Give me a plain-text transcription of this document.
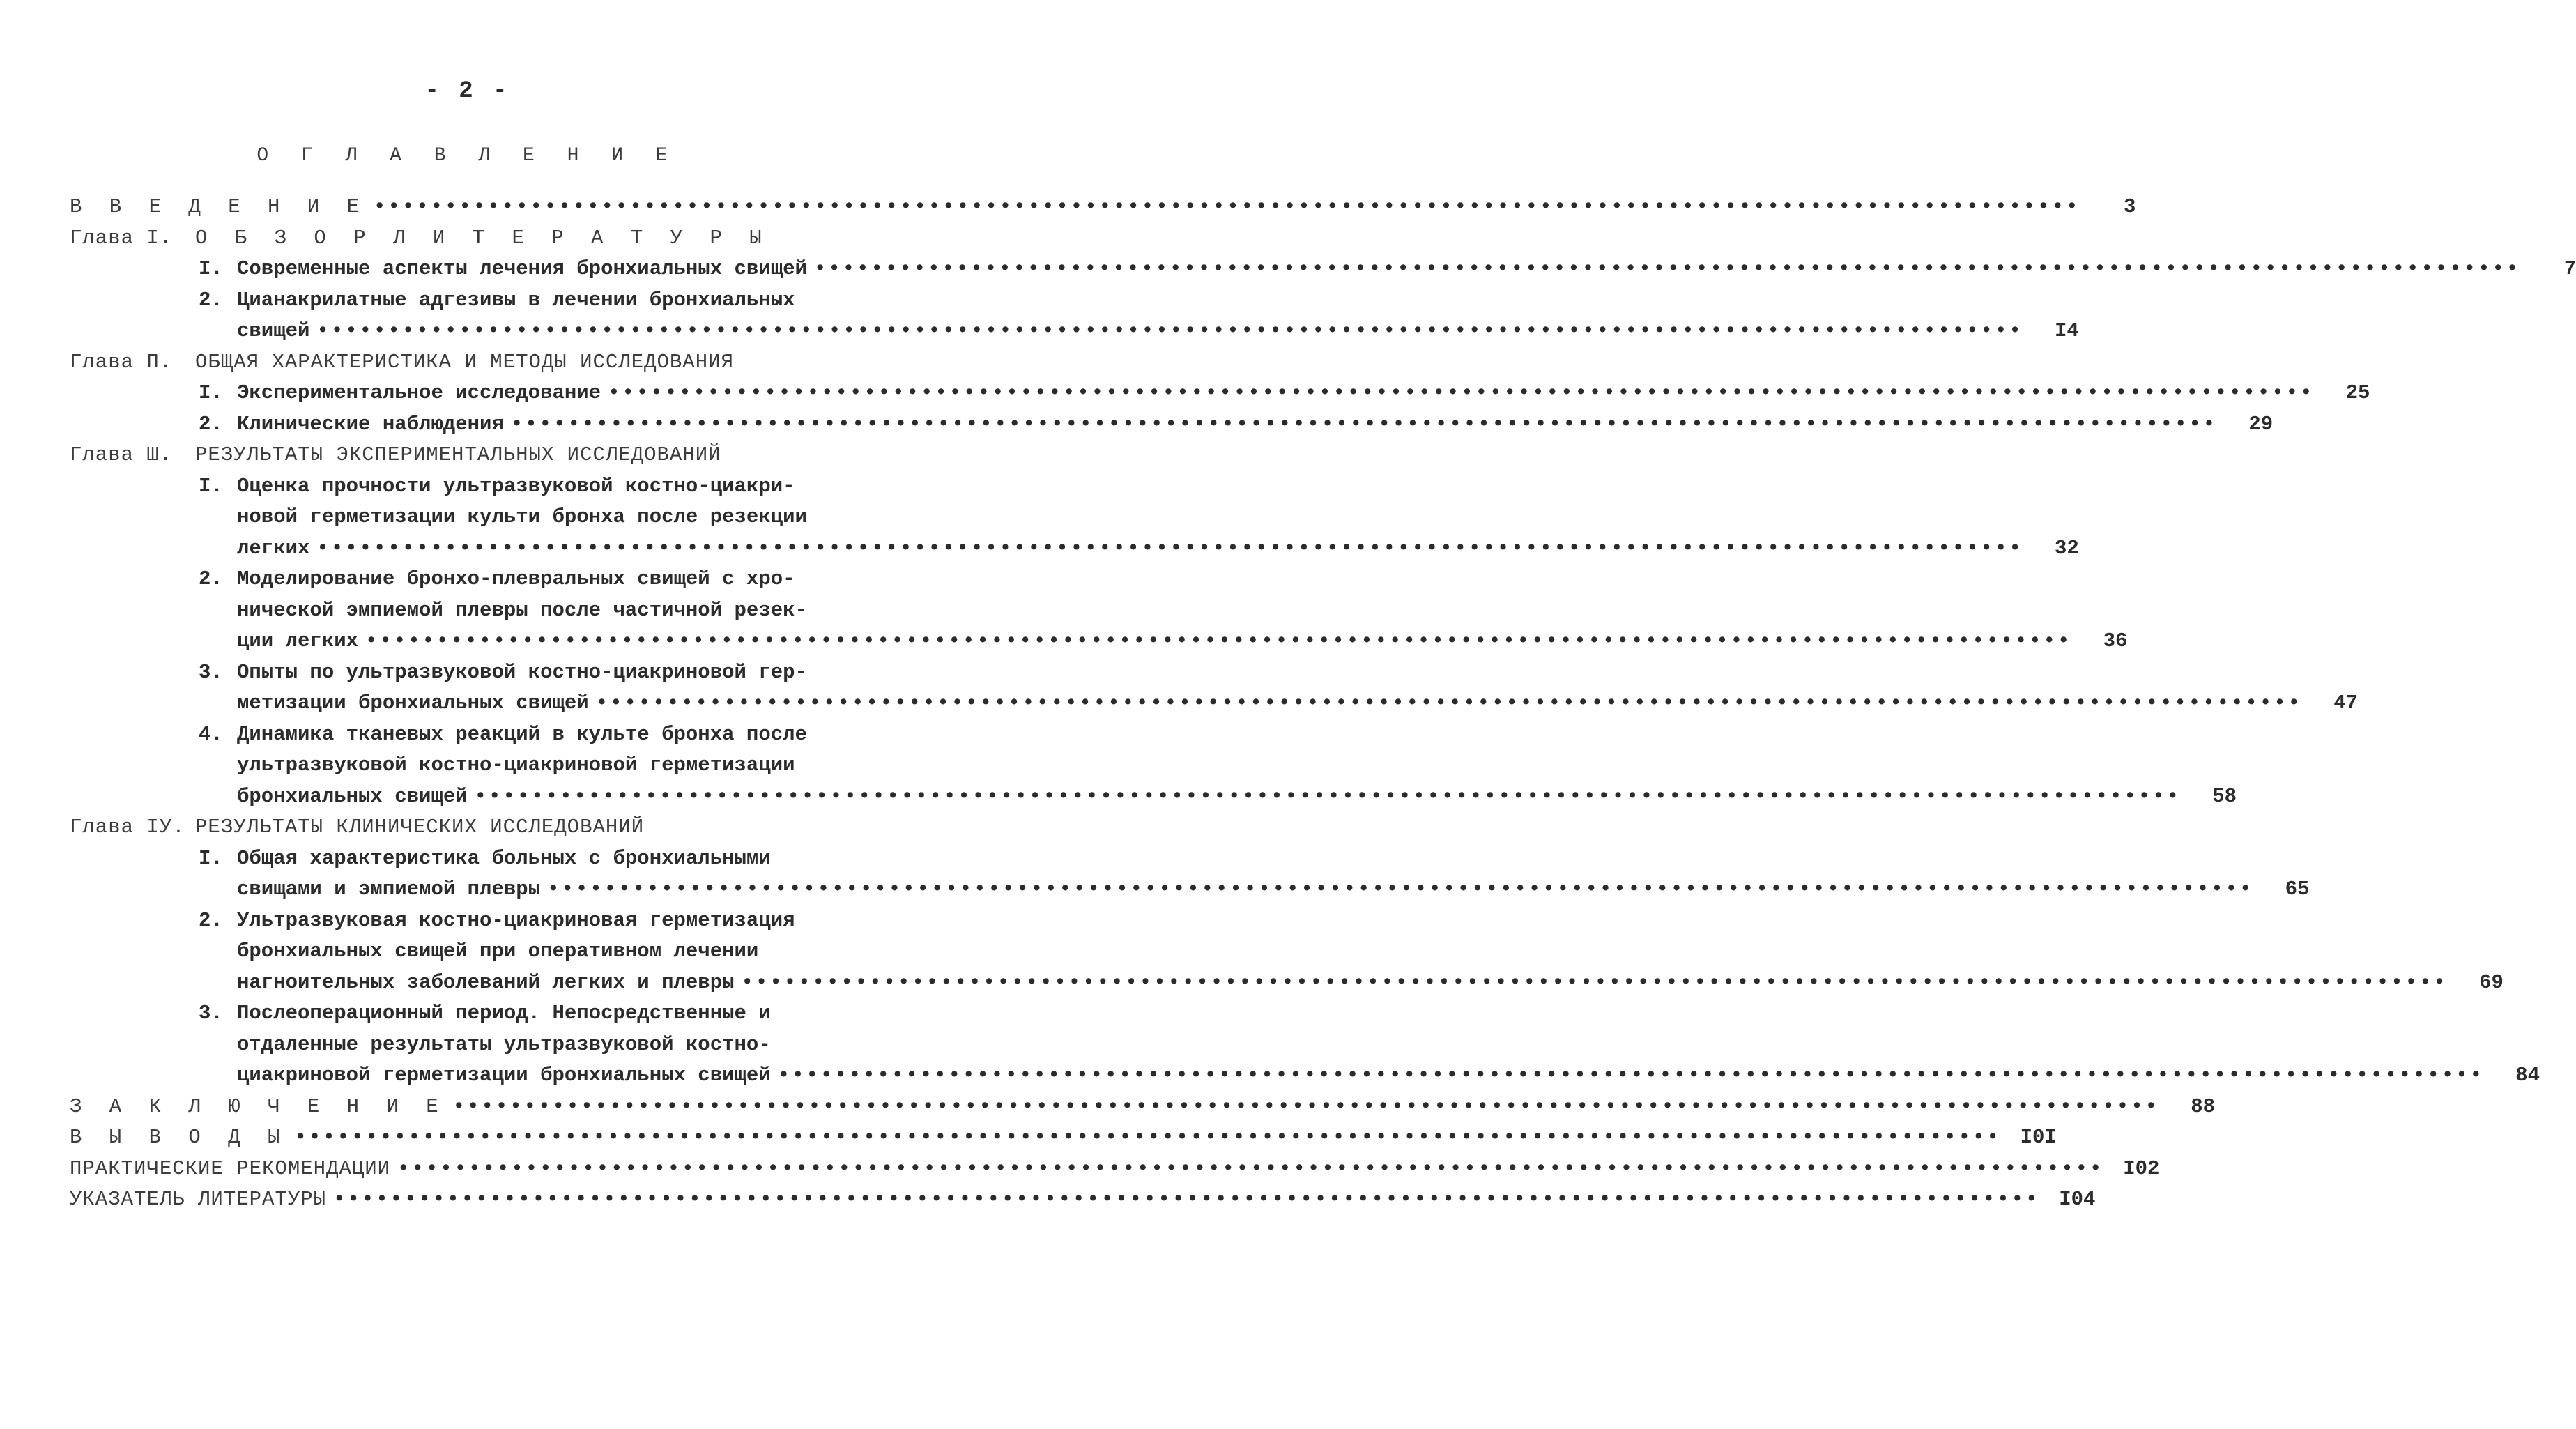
- 2 -
О Г Л А В Л Е Н И Е
В В Е Д Е Н И Е ••••••••••••••••••••••••••••••••••••••••••••••••••••••••••••••••••••••••••••••••••••••••••••••••••••••••••••••••••••••••	3
Глава I.	О Б З О Р Л И Т Е Р А Т У Р Ы
I. Современные аспекты лечения бронхиальных свищей ••••••••••••••••••••••••••••••••••••••••••••••••••••••••••••••••••••••••••••••••••••••••••••••••••••••••••••••••••••••••	7
2. Цианакрилатные адгезивы в лечении бронхиальных
свищей ••••••••••••••••••••••••••••••••••••••••••••••••••••••••••••••••••••••••••••••••••••••••••••••••••••••••••••••••••••••••	I4
Глава П.	ОБЩАЯ ХАРАКТЕРИСТИКА И МЕТОДЫ ИССЛЕДОВАНИЯ
I. Экспериментальное исследование ••••••••••••••••••••••••••••••••••••••••••••••••••••••••••••••••••••••••••••••••••••••••••••••••••••••••••••••••••••••••	25
2. Клинические наблюдения ••••••••••••••••••••••••••••••••••••••••••••••••••••••••••••••••••••••••••••••••••••••••••••••••••••••••••••••••••••••••	29
Глава Ш.	РЕЗУЛЬТАТЫ ЭКСПЕРИМЕНТАЛЬНЫХ ИССЛЕДОВАНИЙ
I. Оценка прочности ультразвуковой костно-циакри-
новой герметизации культи бронха после резекции
легких ••••••••••••••••••••••••••••••••••••••••••••••••••••••••••••••••••••••••••••••••••••••••••••••••••••••••••••••••••••••••	32
2. Моделирование бронхо-плевральных свищей с хро-
нической эмпиемой плевры после частичной резек-
ции легких ••••••••••••••••••••••••••••••••••••••••••••••••••••••••••••••••••••••••••••••••••••••••••••••••••••••••••••••••••••••••	36
3. Опыты по ультразвуковой костно-циакриновой гер-
метизации бронхиальных свищей ••••••••••••••••••••••••••••••••••••••••••••••••••••••••••••••••••••••••••••••••••••••••••••••••••••••••••••••••••••••••	47
4. Динамика тканевых реакций в культе бронха после
ультразвуковой костно-циакриновой герметизации
бронхиальных свищей ••••••••••••••••••••••••••••••••••••••••••••••••••••••••••••••••••••••••••••••••••••••••••••••••••••••••••••••••••••••••	58
Глава IУ. РЕЗУЛЬТАТЫ КЛИНИЧЕСКИХ ИССЛЕДОВАНИЙ
I. Общая характеристика больных с бронхиальными
свищами и эмпиемой плевры ••••••••••••••••••••••••••••••••••••••••••••••••••••••••••••••••••••••••••••••••••••••••••••••••••••••••••••••••••••••••	65
2. Ультразвуковая костно-циакриновая герметизация
бронхиальных свищей при оперативном лечении
нагноительных заболеваний легких и плевры ••••••••••••••••••••••••••••••••••••••••••••••••••••••••••••••••••••••••••••••••••••••••••••••••••••••••••••••••••••••••	69
3. Послеоперационный период. Непосредственные и
отдаленные результаты ультразвуковой костно-
циакриновой герметизации бронхиальных свищей ••••••••••••••••••••••••••••••••••••••••••••••••••••••••••••••••••••••••••••••••••••••••••••••••••••••••••••••••••••••••	84
З А К Л Ю Ч Е Н И Е ••••••••••••••••••••••••••••••••••••••••••••••••••••••••••••••••••••••••••••••••••••••••••••••••••••••••••••••••••••••••	88
В Ы В О Д Ы •••••••••••••••••••••••••••••••••••••••••••••••••••••••••••••••••••••••••••••••••••••••••••••••••••••••••••••••••••••••• I0I
ПРАКТИЧЕСКИЕ РЕКОМЕНДАЦИИ •••••••••••••••••••••••••••••••••••••••••••••••••••••••••••••••••••••••••••••••••••••••••••••••••••••••••••••••••••••••• I02
УКАЗАТЕЛЬ ЛИТЕРАТУРЫ •••••••••••••••••••••••••••••••••••••••••••••••••••••••••••••••••••••••••••••••••••••••••••••••••••••••••••••••••••••••• I04
